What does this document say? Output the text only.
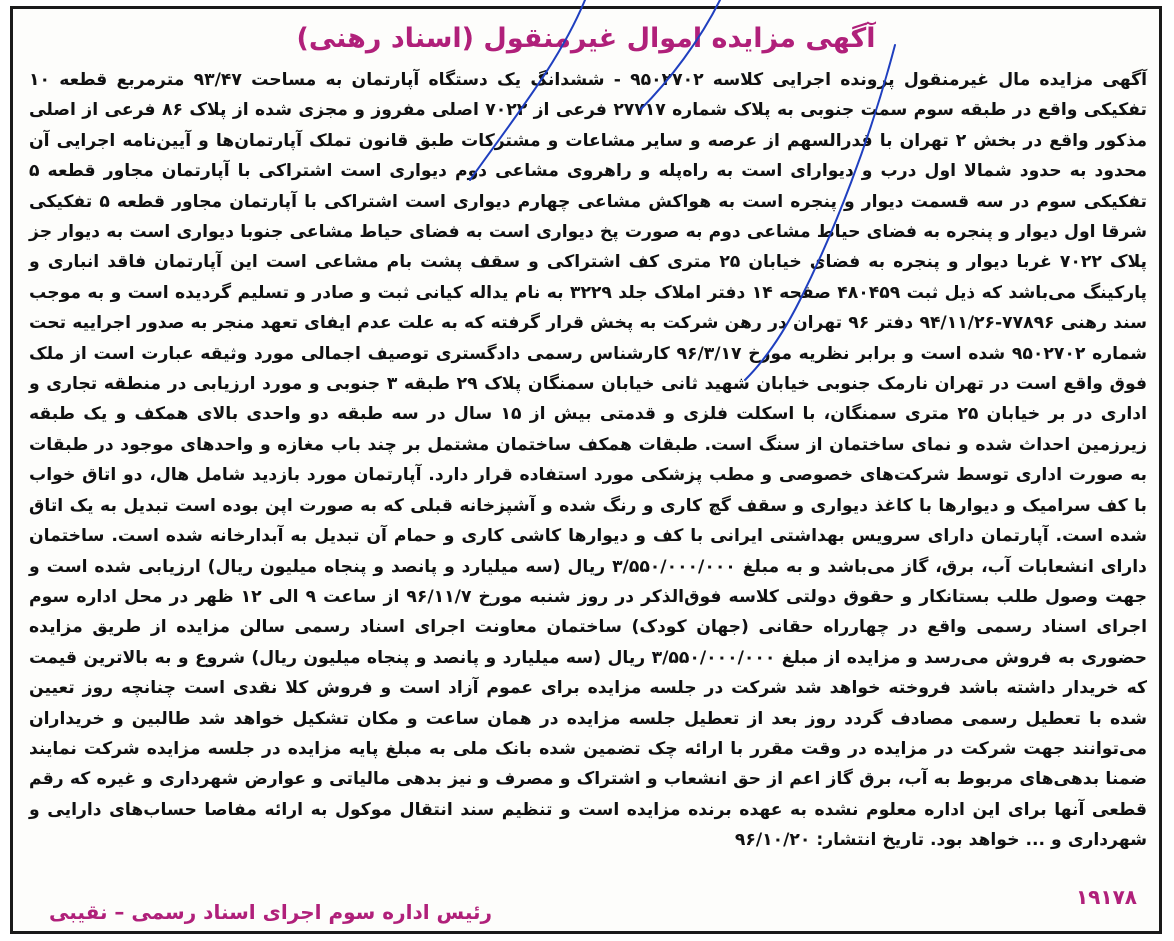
آگهی مزایده اموال غیرمنقول (اسناد رهنی)

آگهی مزایده مال غیرمنقول پرونده اجرایی کلاسه ۹۵۰۲۷۰۲ - ششدانگ یک دستگاه آپارتمان به مساحت ۹۳/۴۷ مترمربع قطعه ۱۰ تفکیکی واقع در طبقه سوم سمت جنوبی به پلاک شماره ۲۷۷۱۷ فرعی از ۷۰۲۲ اصلی مفروز و مجزی شده از پلاک ۸۶ فرعی از اصلی مذکور واقع در بخش ۲ تهران با قدرالسهم از عرصه و سایر مشاعات و مشترکات طبق قانون تملک آپارتمان‌ها و آیین‌نامه اجرایی آن محدود به حدود شمالا اول درب و دیوارای است به راه‌پله و راهروی مشاعی دوم دیواری است اشتراکی با آپارتمان مجاور قطعه ۵ تفکیکی سوم در سه قسمت دیوار و پنجره است به هواکش مشاعی چهارم دیواری است اشتراکی با آپارتمان مجاور قطعه ۵ تفکیکی شرقا اول دیوار و پنجره به فضای حیاط مشاعی دوم به صورت پخ دیواری است به فضای حیاط مشاعی جنوبا دیواری است به دیوار جز پلاک ۷۰۲۲ غربا دیوار و پنجره به فضای خیابان ۲۵ متری کف اشتراکی و سقف پشت بام مشاعی است این آپارتمان فاقد انباری و پارکینگ می‌باشد که ذیل ثبت ۴۸۰۴۵۹ صفحه ۱۴ دفتر املاک جلد ۳۲۲۹ به نام یداله کیانی ثبت و صادر و تسلیم گردیده است و به موجب سند رهنی ۷۷۸۹۶-۹۴/۱۱/۲۶ دفتر ۹۶ تهران در رهن شرکت به پخش قرار گرفته که به علت عدم ایفای تعهد منجر به صدور اجراییه تحت شماره ۹۵۰۲۷۰۲ شده است و برابر نظریه مورخ ۹۶/۳/۱۷ کارشناس رسمی دادگستری توصیف اجمالی مورد وثیقه عبارت است از ملک فوق واقع است در تهران نارمک جنوبی خیابان شهید ثانی خیابان سمنگان پلاک ۲۹ طبقه ۳ جنوبی و مورد ارزیابی در منطقه تجاری و اداری در بر خیابان ۲۵ متری سمنگان، با اسکلت فلزی و قدمتی بیش از ۱۵ سال در سه طبقه دو واحدی بالای همکف و یک طبقه زیرزمین احداث شده و نمای ساختمان از سنگ است. طبقات همکف ساختمان مشتمل بر چند باب مغازه و واحدهای موجود در طبقات به صورت اداری توسط شرکت‌های خصوصی و مطب پزشکی مورد استفاده قرار دارد. آپارتمان مورد بازدید شامل هال، دو اتاق خواب با کف سرامیک و دیوارها با کاغذ دیواری و سقف گچ کاری و رنگ شده و آشپزخانه قبلی که به صورت اپن بوده است تبدیل به یک اتاق شده است. آپارتمان دارای سرویس بهداشتی ایرانی با کف و دیوارها کاشی کاری و حمام آن تبدیل به آبدارخانه شده است. ساختمان دارای انشعابات آب، برق، گاز می‌باشد و به مبلغ ۳/۵۵۰/۰۰۰/۰۰۰ ریال (سه میلیارد و پانصد و پنجاه میلیون ریال) ارزیابی شده است و جهت وصول طلب بستانکار و حقوق دولتی کلاسه فوق‌الذکر در روز شنبه مورخ ۹۶/۱۱/۷ از ساعت ۹ الی ۱۲ ظهر در محل اداره سوم اجرای اسناد رسمی واقع در چهارراه حقانی (جهان کودک) ساختمان معاونت اجرای اسناد رسمی سالن مزایده از طریق مزایده حضوری به فروش می‌رسد و مزایده از مبلغ ۳/۵۵۰/۰۰۰/۰۰۰ ریال (سه میلیارد و پانصد و پنجاه میلیون ریال) شروع و به بالاترین قیمت که خریدار داشته باشد فروخته خواهد شد شرکت در جلسه مزایده برای عموم آزاد است و فروش کلا نقدی است چنانچه روز تعیین شده با تعطیل رسمی مصادف گردد روز بعد از تعطیل جلسه مزایده در همان ساعت و مکان تشکیل خواهد شد طالبین و خریداران می‌توانند جهت شرکت در مزایده در وقت مقرر با ارائه چک تضمین شده بانک ملی به مبلغ پایه مزایده در جلسه مزایده شرکت نمایند ضمنا بدهی‌های مربوط به آب، برق گاز اعم از حق انشعاب و اشتراک و مصرف و نیز بدهی مالیاتی و عوارض شهرداری و غیره که رقم قطعی آنها برای این اداره معلوم نشده به عهده برنده مزایده است و تنظیم سند انتقال موکول به ارائه مفاصا حساب‌های دارایی و شهرداری و ... خواهد بود. تاریخ انتشار: ۹۶/۱۰/۲۰

رئیس اداره سوم اجرای اسناد رسمی – نقیبی
۱۹۱۷۸
